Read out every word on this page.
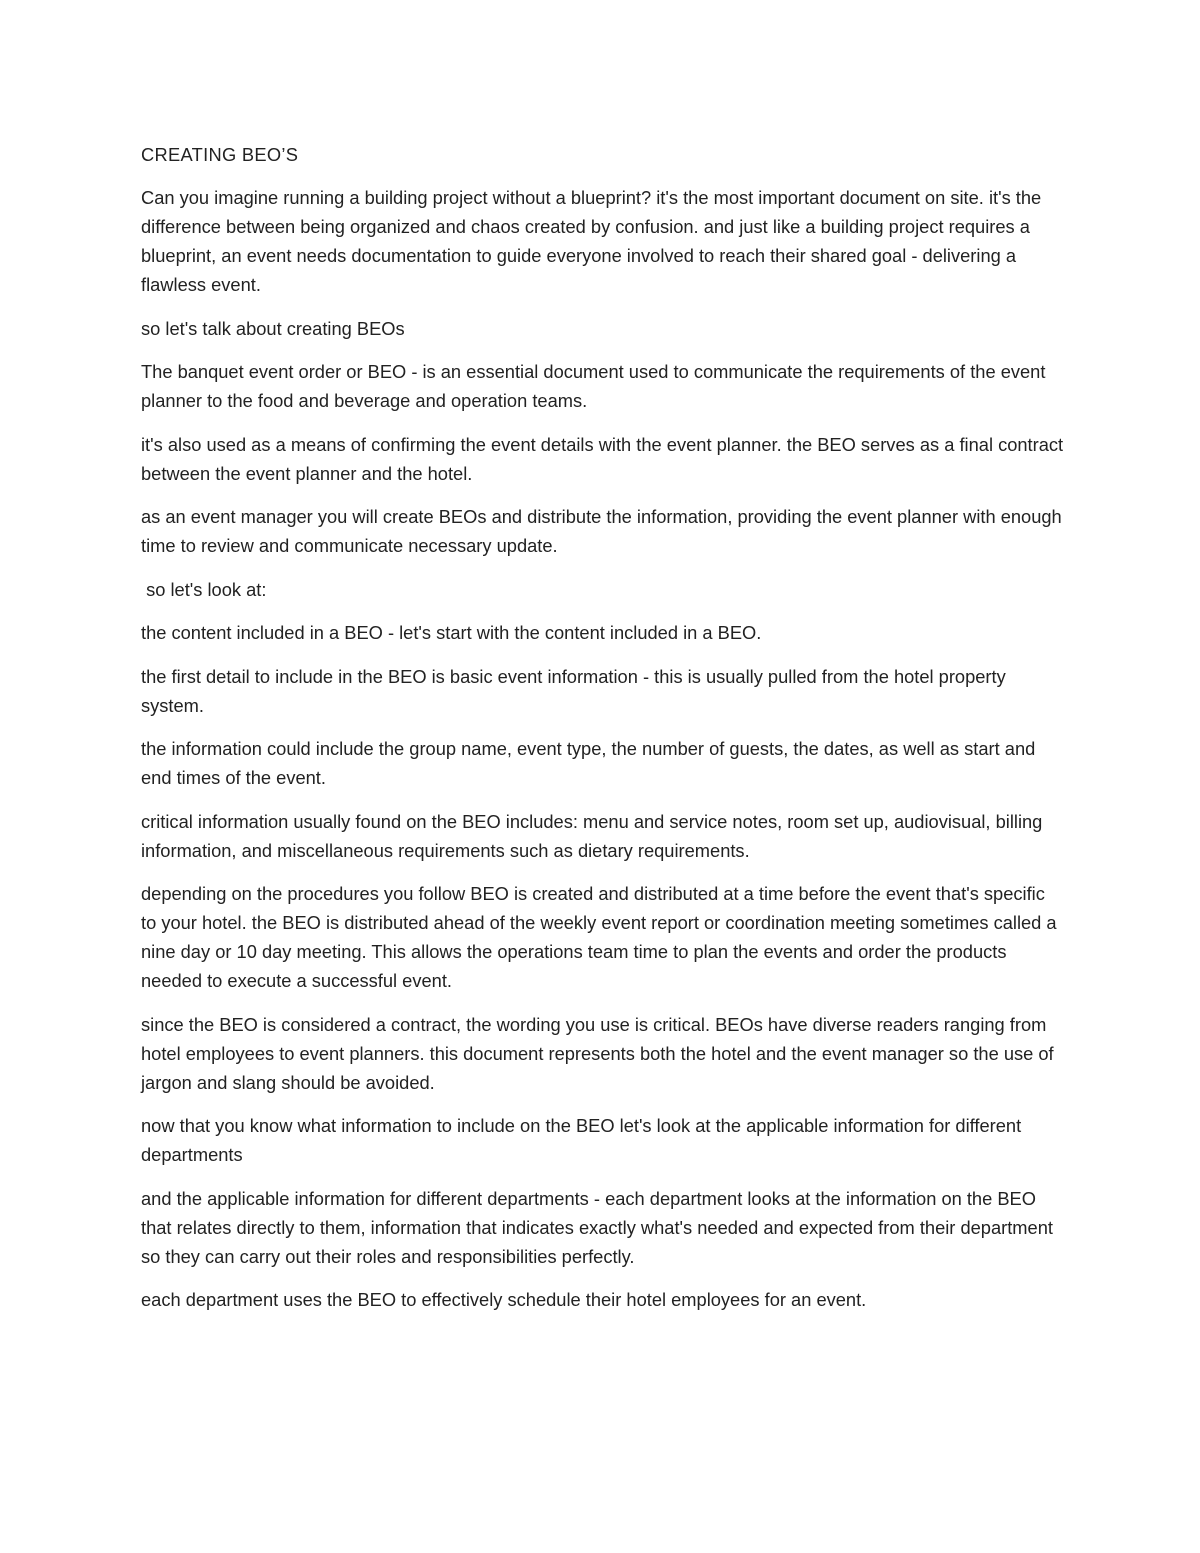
CREATING BEO’S

Can you imagine running a building project without a blueprint? it's the most important document on site. it's the difference between being organized and chaos created by confusion. and just like a building project requires a blueprint, an event needs documentation to guide everyone involved to reach their shared goal - delivering a flawless event.

so let's talk about creating BEOs

The banquet event order or BEO - is an essential document used to communicate the requirements of the event planner to the food and beverage and operation teams.

it's also used as a means of confirming the event details with the event planner. the BEO serves as a final contract between the event planner and the hotel.

as an event manager you will create BEOs and distribute the information, providing the event planner with enough time to review and communicate necessary update.

so let's look at:

the content included in a BEO - let's start with the content included in a BEO.

the first detail to include in the BEO is basic event information - this is usually pulled from the hotel property system.

the information could include the group name, event type, the number of guests, the dates, as well as start and end times of the event.

critical information usually found on the BEO includes: menu and service notes, room set up, audiovisual, billing information, and miscellaneous requirements such as dietary requirements.

depending on the procedures you follow BEO is created and distributed at a time before the event that's specific to your hotel. the BEO is distributed ahead of the weekly event report or coordination meeting sometimes called a nine day or 10 day meeting. This allows the operations team time to plan the events and order the products needed to execute a successful event.

since the BEO is considered a contract, the wording you use is critical. BEOs have diverse readers ranging from hotel employees to event planners. this document represents both the hotel and the event manager so the use of jargon and slang should be avoided.

now that you know what information to include on the BEO let's look at the applicable information for different departments

and the applicable information for different departments - each department looks at the information on the BEO that relates directly to them, information that indicates exactly what's needed and expected from their department so they can carry out their roles and responsibilities perfectly.

each department uses the BEO to effectively schedule their hotel employees for an event.
